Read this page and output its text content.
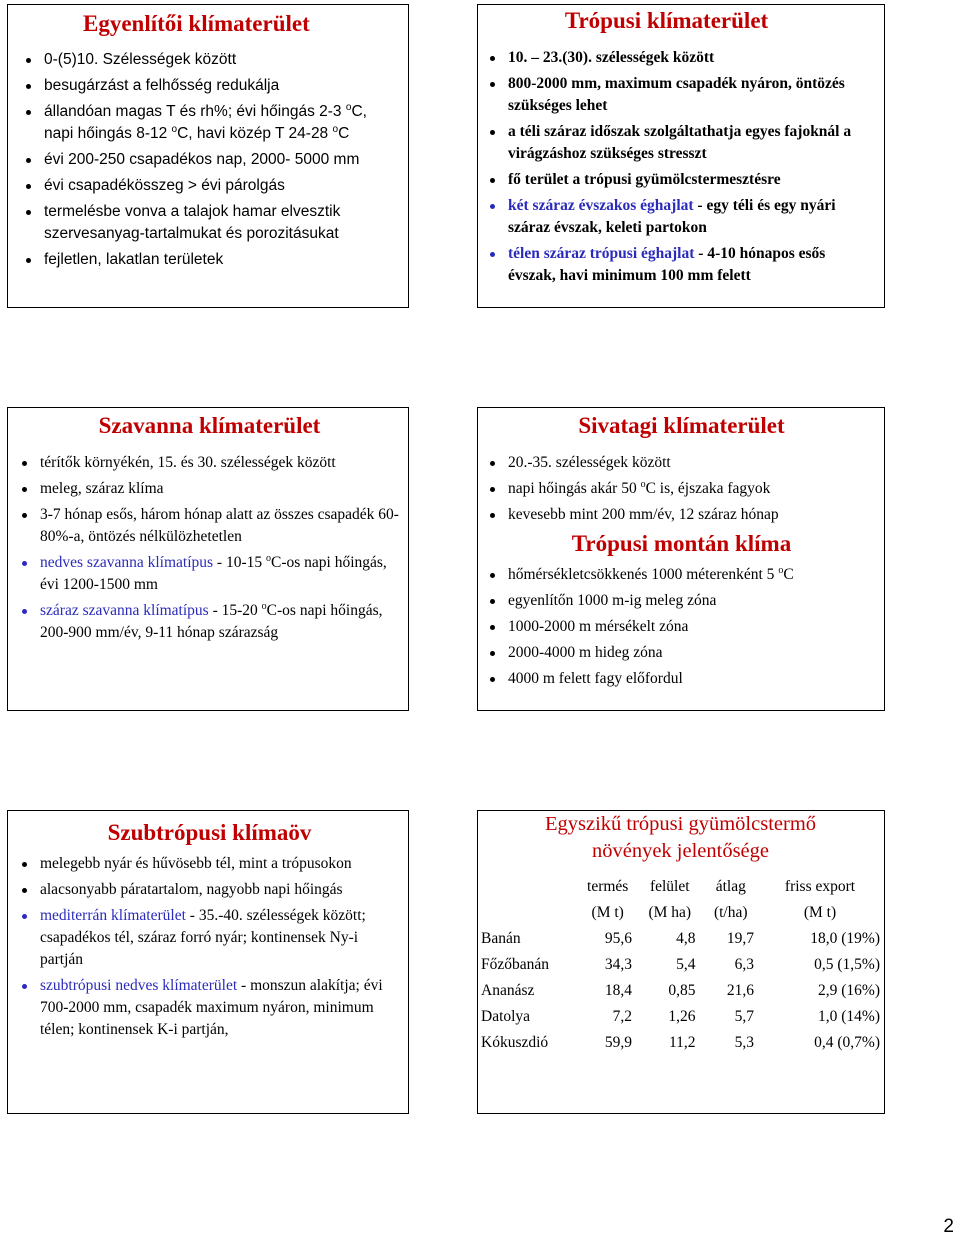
Egyenlítői klímaterület
0-(5)10. Szélességek között
besugárzást a felhősség redukálja
állandóan magas T és rh%; évi hőingás 2-3 $^o$C, napi hőingás 8-12 $^o$C, havi közép T 24-28 $^o$C
évi 200-250 csapadékos nap, 2000- 5000 mm
évi csapadékösszeg > évi párolgás
termelésbe vonva a talajok hamar elvesztik szervesanyag-tartalmukat és porozitásukat
fejletlen, lakatlan területek
Trópusi klímaterület
10. – 23.(30). szélességek között
800-2000 mm, maximum csapadék nyáron, öntözés szükséges lehet
a téli száraz időszak szolgáltathatja egyes fajoknál a virágzáshoz szükséges stresszt
fő terület a trópusi gyümölcstermesztésre
két száraz évszakos éghajlat - egy téli és egy nyári száraz évszak, keleti partokon
télen száraz trópusi éghajlat - 4-10 hónapos esős évszak, havi minimum 100 mm felett
Szavanna klímaterület
térítők környékén, 15. és 30. szélességek között
meleg, száraz klíma
3-7 hónap esős, három hónap alatt az összes csapadék 60-80%-a, öntözés nélkülözhetetlen
nedves szavanna klímatípus - 10-15 $^o$C-os napi hőingás, évi 1200-1500 mm
száraz szavanna klímatípus - 15-20 $^o$C-os napi hőingás, 200-900 mm/év, 9-11 hónap szárazság
Sivatagi klímaterület
20.-35. szélességek között
napi hőingás akár 50 $^o$C is, éjszaka fagyok
kevesebb mint 200 mm/év, 12 száraz hónap
Trópusi montán klíma
hőmérsékletcsökkenés 1000 méterenként 5 $^o$C
egyenlítőn 1000 m-ig meleg zóna
1000-2000 m mérsékelt zóna
2000-4000 m hideg zóna
4000 m felett fagy előfordul
Szubtrópusi klímaöv
melegebb nyár és hűvösebb tél, mint a trópusokon
alacsonyabb páratartalom, nagyobb napi hőingás
mediterrán klímaterület - 35.-40. szélességek között; csapadékos tél, száraz forró nyár; kontinensek Ny-i partján
szubtrópusi nedves klímaterület - monszun alakítja; évi 700-2000 mm, csapadék maximum nyáron, minimum télen; kontinensek K-i partján,
Egyszikű trópusi gyümölcstermő
növények jelentősége
	termés	felület	átlag	friss export
	(M t)	(M ha)	(t/ha)	(M t)
Banán	95,6	4,8	19,7	18,0 (19%)
Főzőbanán	34,3	5,4	6,3	0,5 (1,5%)
Ananász	18,4	0,85	21,6	2,9 (16%)
Datolya	7,2	1,26	5,7	1,0 (14%)
Kókuszdió	59,9	11,2	5,3	0,4 (0,7%)
2
